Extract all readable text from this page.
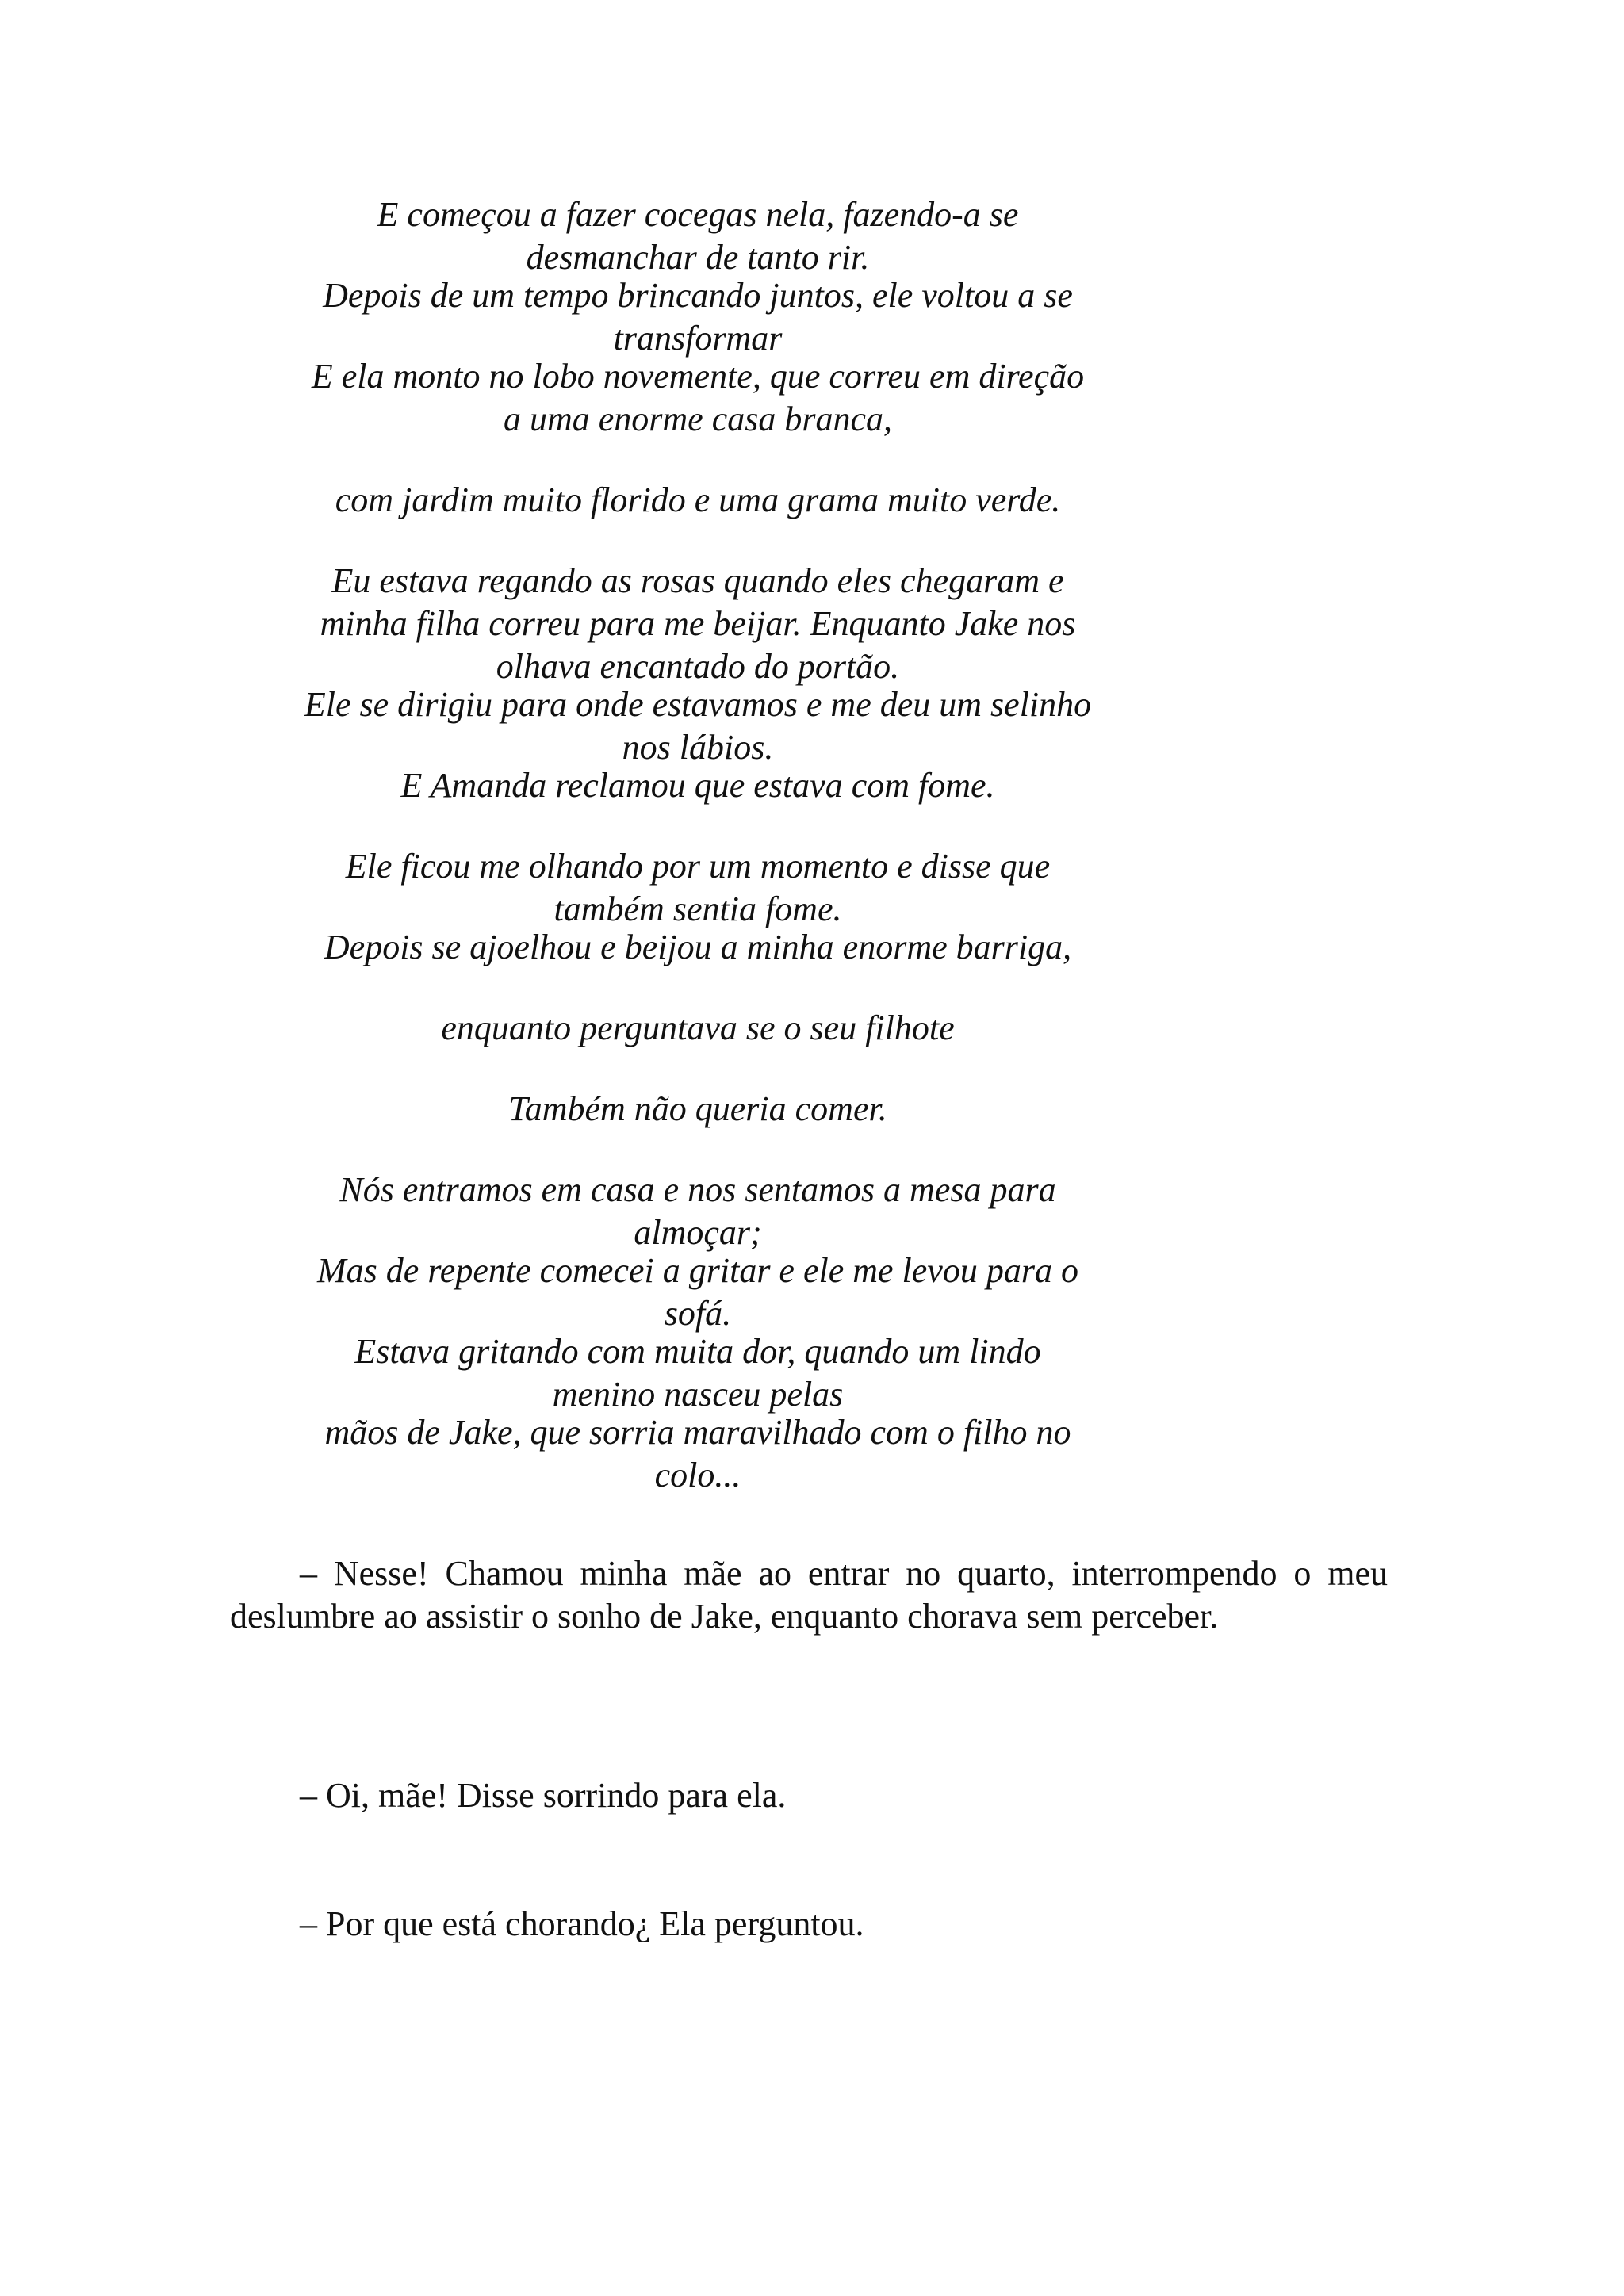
E começou a fazer cocegas nela, fazendo-a se desmanchar de tanto rir.
Depois de um tempo brincando juntos, ele voltou a se transformar
E ela monto no lobo novemente, que correu em direção a uma enorme casa branca,
com jardim muito florido e uma grama muito verde.
Eu estava regando as rosas quando eles chegaram e minha filha correu para me beijar. Enquanto Jake nos olhava encantado do portão.
Ele se dirigiu para onde estavamos e me deu um selinho nos lábios.
E Amanda reclamou que estava com fome.
Ele ficou me olhando por um momento e disse que também sentia fome.
Depois se ajoelhou e beijou a minha enorme barriga,
enquanto perguntava se o seu filhote
Também não queria comer.
Nós entramos em casa e nos sentamos a mesa para almoçar;
Mas de repente comecei a gritar e ele me levou para o sofá.
Estava gritando com muita dor, quando um lindo menino nasceu pelas
mãos de Jake, que sorria maravilhado com o filho no colo...

– Nesse! Chamou minha mãe ao entrar no quarto, interrompendo o meu deslumbre ao assistir o sonho de Jake, enquanto chorava sem perceber.

– Oi, mãe! Disse sorrindo para ela.

– Por que está chorando¿ Ela perguntou.
